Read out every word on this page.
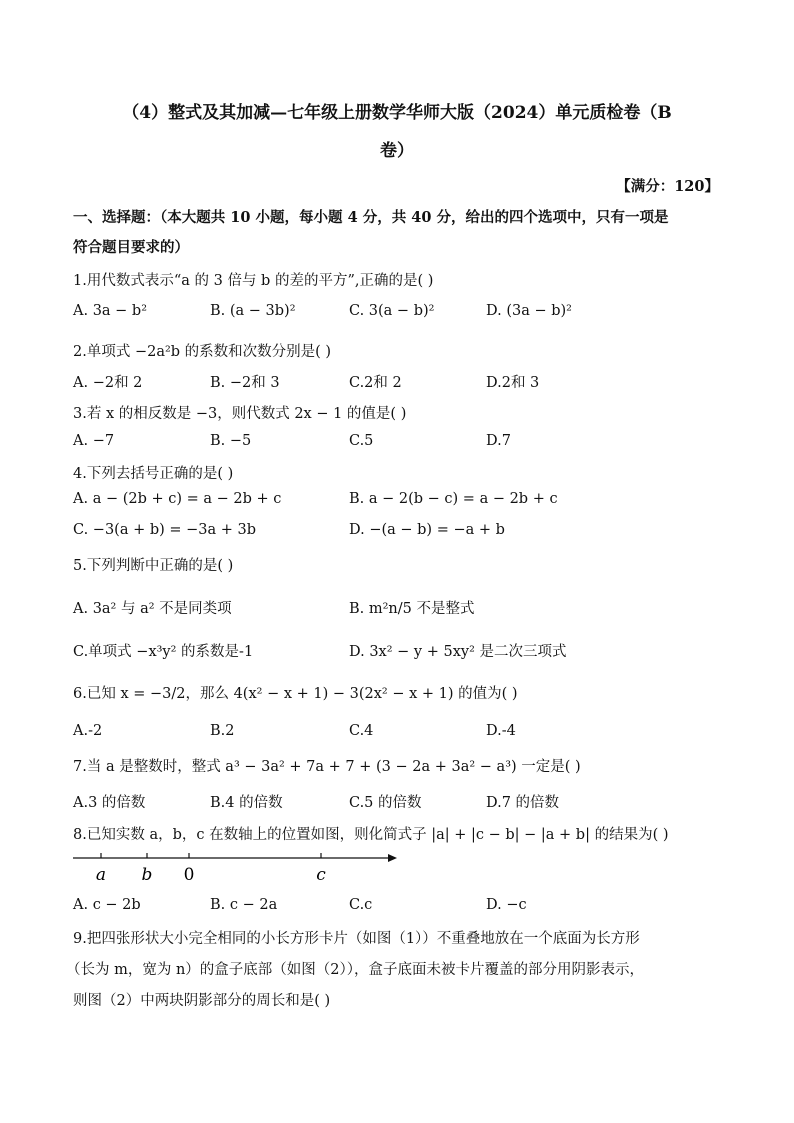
（4）整式及其加减—七年级上册数学华师大版（2024）单元质检卷（B
卷）
【满分：120】
一、选择题：（本大题共 10 小题，每小题 4 分，共 40 分，给出的四个选项中，只有一项是
符合题目要求的）
1.用代数式表示“a 的 3 倍与 b 的差的平方”,正确的是( )
A. 3a − b²	B. (a − 3b)²	C. 3(a − b)²	D. (3a − b)²
2.单项式 −2a²b 的系数和次数分别是( )
A. −2和 2	B. −2和 3	C.2和 2	D.2和 3
3.若 x 的相反数是 −3，则代数式 2x − 1 的值是( )
A. −7	B. −5	C.5	D.7
4.下列去括号正确的是( )
A. a − (2b + c) = a − 2b + c	B. a − 2(b − c) = a − 2b + c
C. −3(a + b) = −3a + 3b	D. −(a − b) = −a + b
5.下列判断中正确的是( )
A. 3a² 与 a² 不是同类项	B. m²n/5 不是整式
C.单项式 −x³y² 的系数是-1	D. 3x² − y + 5xy² 是二次三项式
6.已知 x = −3/2，那么 4(x² − x + 1) − 3(2x² − x + 1) 的值为( )
A.-2	B.2	C.4	D.-4
7.当 a 是整数时，整式 a³ − 3a² + 7a + 7 + (3 − 2a + 3a² − a³) 一定是( )
A.3 的倍数	B.4 的倍数	C.5 的倍数	D.7 的倍数
8.已知实数 a，b，c 在数轴上的位置如图，则化简式子 |a| + |c − b| − |a + b| 的结果为( )
a b 0	c
A. c − 2b	B. c − 2a	C.c	D. −c
9.把四张形状大小完全相同的小长方形卡片（如图（1））不重叠地放在一个底面为长方形
（长为 m，宽为 n）的盒子底部（如图（2）），盒子底面未被卡片覆盖的部分用阴影表示，
则图（2）中两块阴影部分的周长和是( )
